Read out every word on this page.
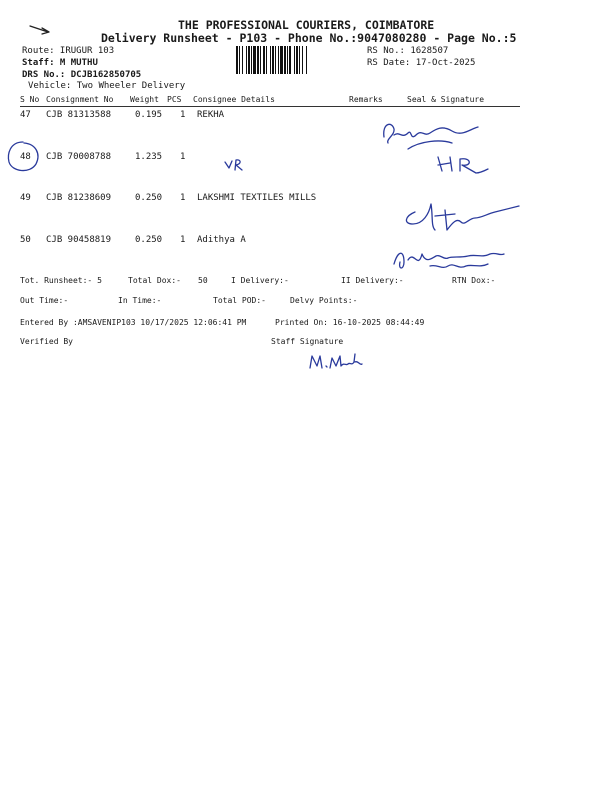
THE PROFESSIONAL COURIERS, COIMBATORE
Delivery Runsheet - P103 - Phone No.:9047080280 - Page No.:5
Route: IRUGUR 103
Staff: M MUTHU
DRS No.: DCJB162850705
Vehicle: Two Wheeler Delivery
RS No.: 1628507
RS Date: 17-Oct-2025
S No Consignment No Weight PCS Consignee Details	Remarks	Seal & Signature
47 CJB 81313588	0.195 1 REKHA
48 CJB 70008788	1.235 1
49 CJB 81238609	0.250 1 LAKSHMI TEXTILES MILLS
50 CJB 90458819	0.250 1 Adithya A
Tot. Runsheet:- 5	Total Dox:- 50	I Delivery:-	II Delivery:-	RTN Dox:-
Out Time:-	In Time:-	Total POD:-	Delvy Points:-
Entered By :AMSAVENIP103 10/17/2025 12:06:41 PM	Printed On: 16-10-2025 08:44:49
Verified By	Staff Signature
